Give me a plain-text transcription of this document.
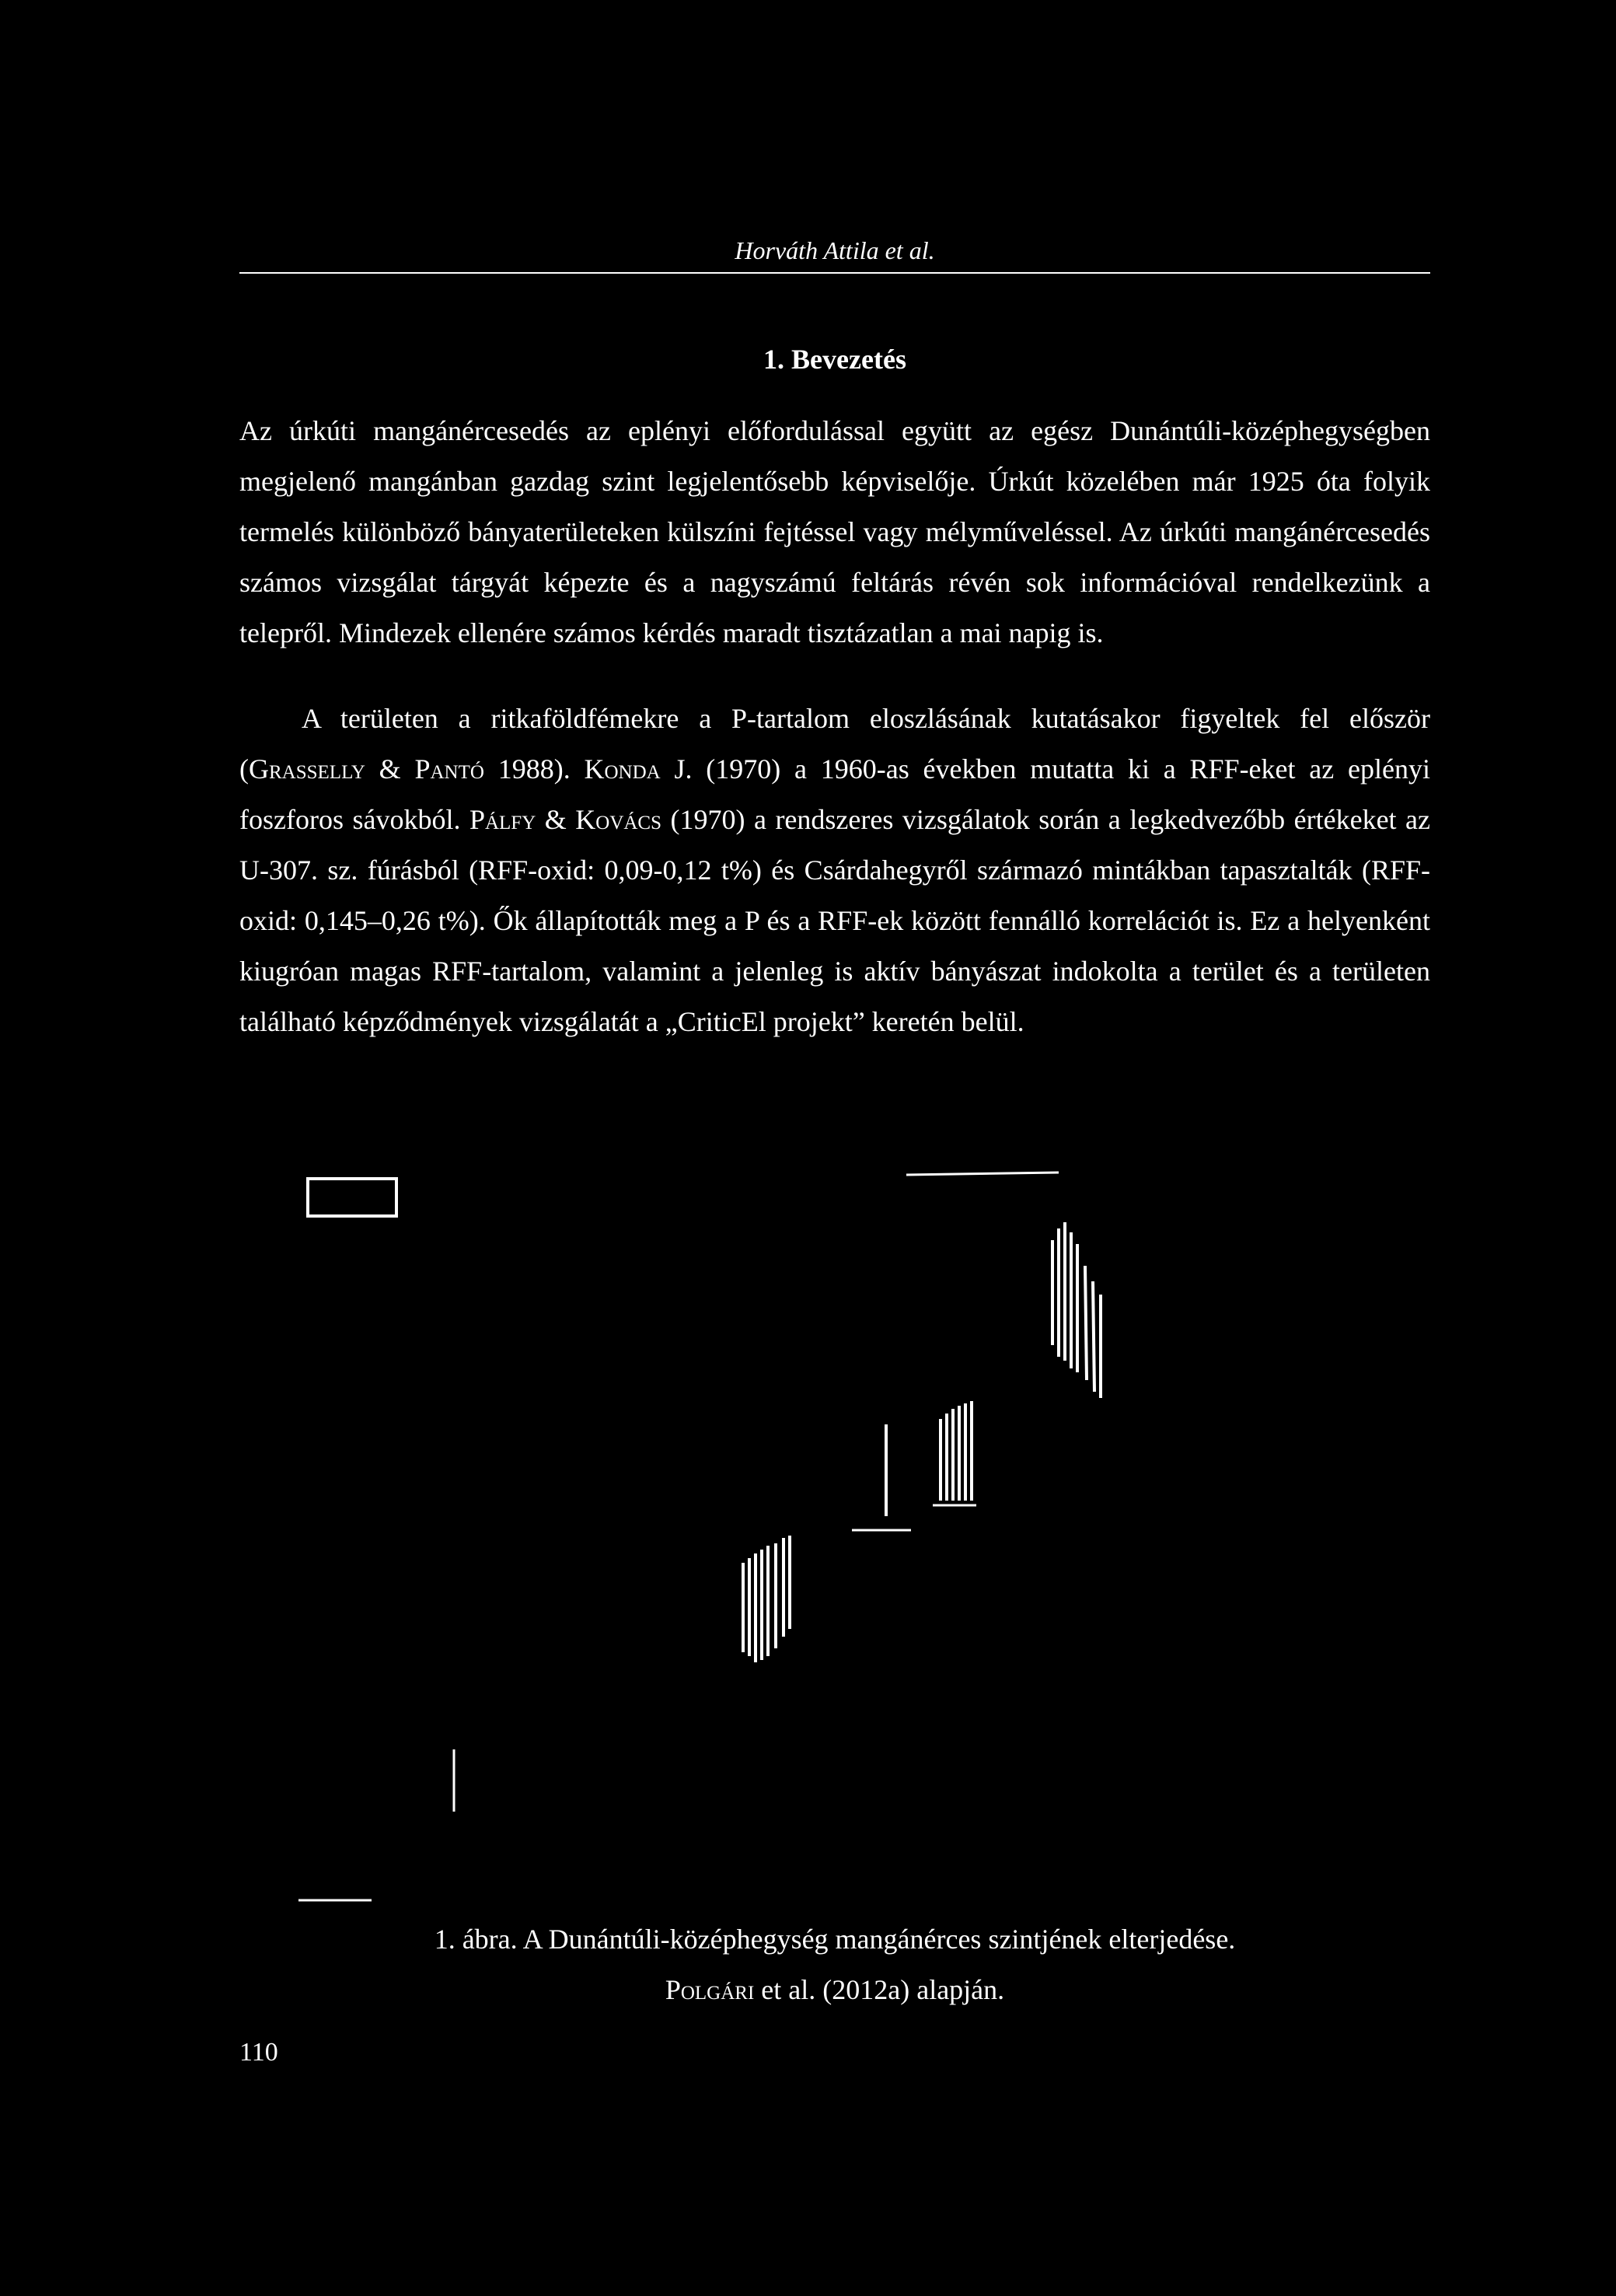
Horváth Attila et al.
1. Bevezetés

Az úrkúti mangánércesedés az eplényi előfordulással együtt az egész Dunántúli-középhegységben megjelenő mangánban gazdag szint legjelentősebb képviselője. Úrkút közelében már 1925 óta folyik termelés különböző bányaterületeken külszíni fejtéssel vagy mélyműveléssel. Az úrkúti mangánércesedés számos vizsgálat tárgyát képezte és a nagyszámú feltárás révén sok információval rendelkezünk a telepről. Mindezek ellenére számos kérdés maradt tisztázatlan a mai napig is.

A területen a ritkaföldfémekre a P-tartalom eloszlásának kutatásakor figyeltek fel először (Grasselly & Pantó 1988). Konda J. (1970) a 1960-as években mutatta ki a RFF-eket az eplényi foszforos sávokból. Pálfy & Kovács (1970) a rendszeres vizsgálatok során a legkedvezőbb értékeket az U-307. sz. fúrásból (RFF-oxid: 0,09-0,12 t%) és Csárdahegyről származó mintákban tapasztalták (RFF-oxid: 0,145–0,26 t%). Ők állapították meg a P és a RFF-ek között fennálló korrelációt is. Ez a helyenként kiugróan magas RFF-tartalom, valamint a jelenleg is aktív bányászat indokolta a terület és a területen található képződmények vizsgálatát a „CriticEl projekt” keretén belül.

1. ábra. A Dunántúli-középhegység mangánérces szintjének elterjedése.
Polgári et al. (2012a) alapján.
110
